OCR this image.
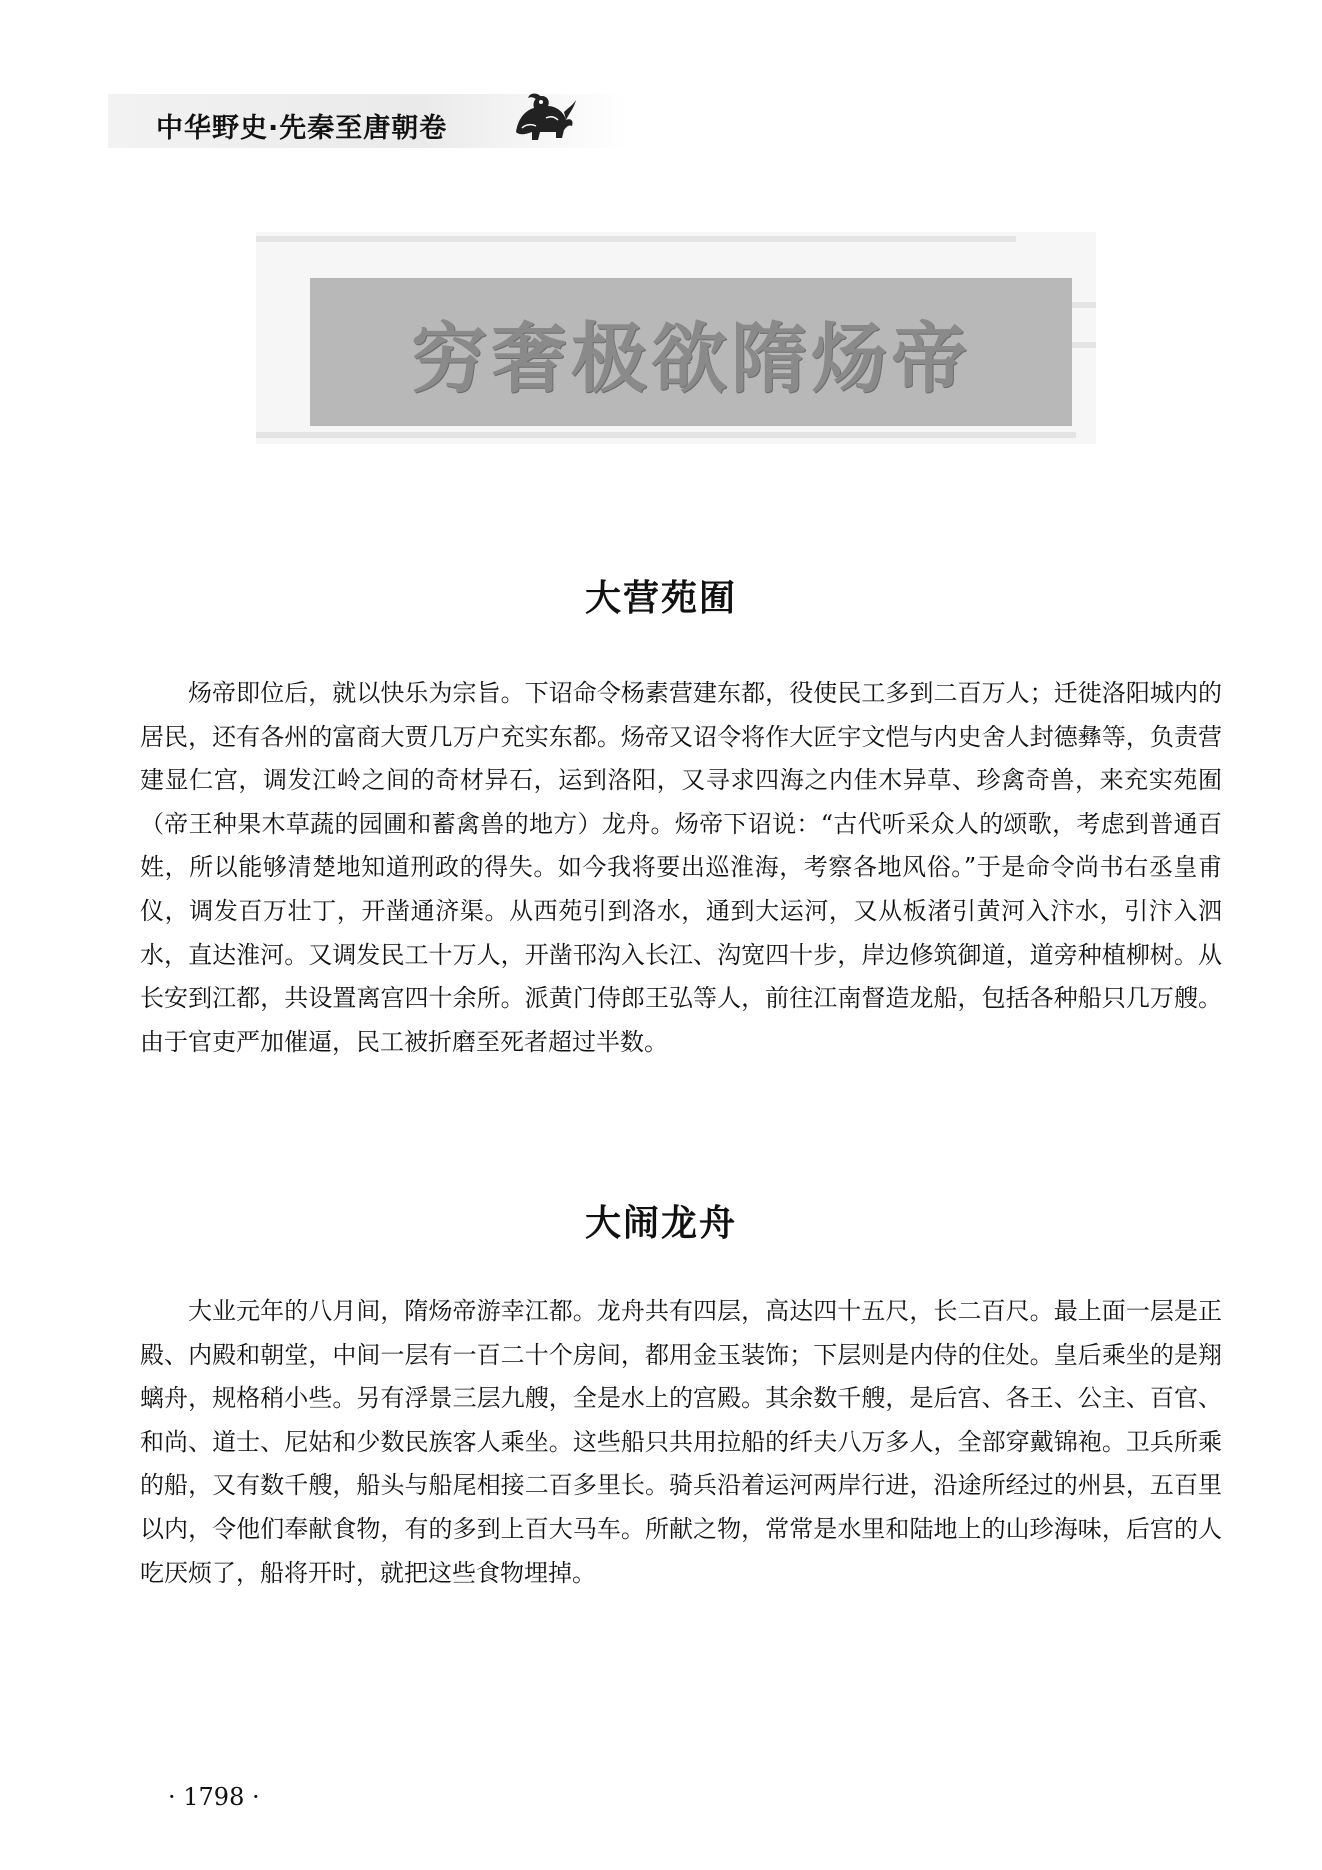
中华野史·先秦至唐朝卷
穷奢极欲隋炀帝
大营苑囿

炀帝即位后，就以快乐为宗旨。下诏命令杨素营建东都，役使民工多到二百万人；迁徙洛阳城内的居民，还有各州的富商大贾几万户充实东都。炀帝又诏令将作大匠宇文恺与内史舍人封德彝等，负责营建显仁宫，调发江岭之间的奇材异石，运到洛阳，又寻求四海之内佳木异草、珍禽奇兽，来充实苑囿（帝王种果木草蔬的园圃和蓄禽兽的地方）龙舟。炀帝下诏说：“古代听采众人的颂歌，考虑到普通百姓，所以能够清楚地知道刑政的得失。如今我将要出巡淮海，考察各地风俗。”于是命令尚书右丞皇甫仪，调发百万壮丁，开凿通济渠。从西苑引到洛水，通到大运河，又从板渚引黄河入汴水，引汴入泗水，直达淮河。又调发民工十万人，开凿邗沟入长江、沟宽四十步，岸边修筑御道，道旁种植柳树。从长安到江都，共设置离宫四十余所。派黄门侍郎王弘等人，前往江南督造龙船，包括各种船只几万艘。由于官吏严加催逼，民工被折磨至死者超过半数。

大闹龙舟

大业元年的八月间，隋炀帝游幸江都。龙舟共有四层，高达四十五尺，长二百尺。最上面一层是正殿、内殿和朝堂，中间一层有一百二十个房间，都用金玉装饰；下层则是内侍的住处。皇后乘坐的是翔螭舟，规格稍小些。另有浮景三层九艘，全是水上的宫殿。其余数千艘，是后宫、各王、公主、百官、和尚、道士、尼姑和少数民族客人乘坐。这些船只共用拉船的纤夫八万多人，全部穿戴锦袍。卫兵所乘的船，又有数千艘，船头与船尾相接二百多里长。骑兵沿着运河两岸行进，沿途所经过的州县，五百里以内，令他们奉献食物，有的多到上百大马车。所献之物，常常是水里和陆地上的山珍海味，后宫的人吃厌烦了，船将开时，就把这些食物埋掉。

· 1798 ·
